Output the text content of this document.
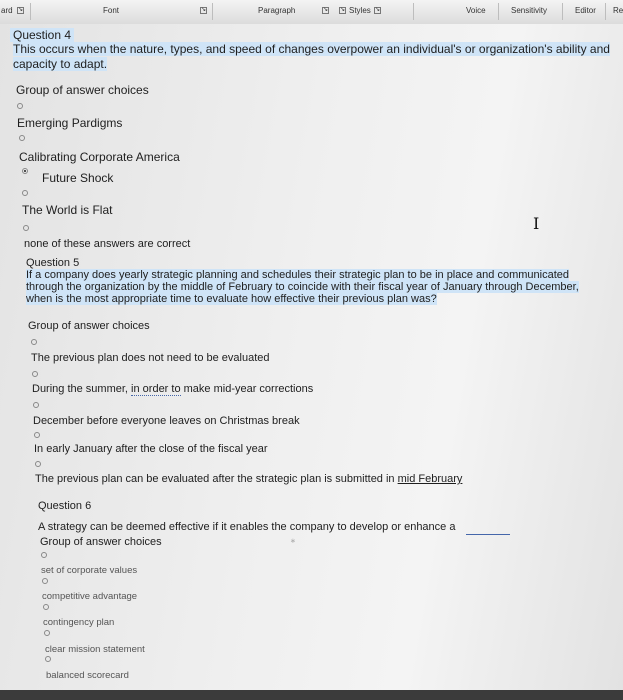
ard ↘	Font	↘	Paragraph	↘	Styles
↘	↘	Voice	Sensitivity	Editor Re
Question 4
This occurs when the nature, types, and speed of changes overpower an individual's or organization's ability and
capacity to adapt.
Group of answer choices
Emerging Pardigms
Calibrating Corporate America
Future Shock
The World is Flat
none of these answers are correct
I
Question 5
If a company does yearly strategic planning and schedules their strategic plan to be in place and communicated
through the organization by the middle of February to coincide with their fiscal year of January through December,
when is the most appropriate time to evaluate how effective their previous plan was?
Group of answer choices
The previous plan does not need to be evaluated
During the summer, in order to make mid-year corrections
December before everyone leaves on Christmas break
In early January after the close of the fiscal year
The previous plan can be evaluated after the strategic plan is submitted in mid February
Question 6
A strategy can be deemed effective if it enables the company to develop or enhance a
Group of answer choices	∗
set of corporate values
competitive advantage
contingency plan
clear mission statement
balanced scorecard
